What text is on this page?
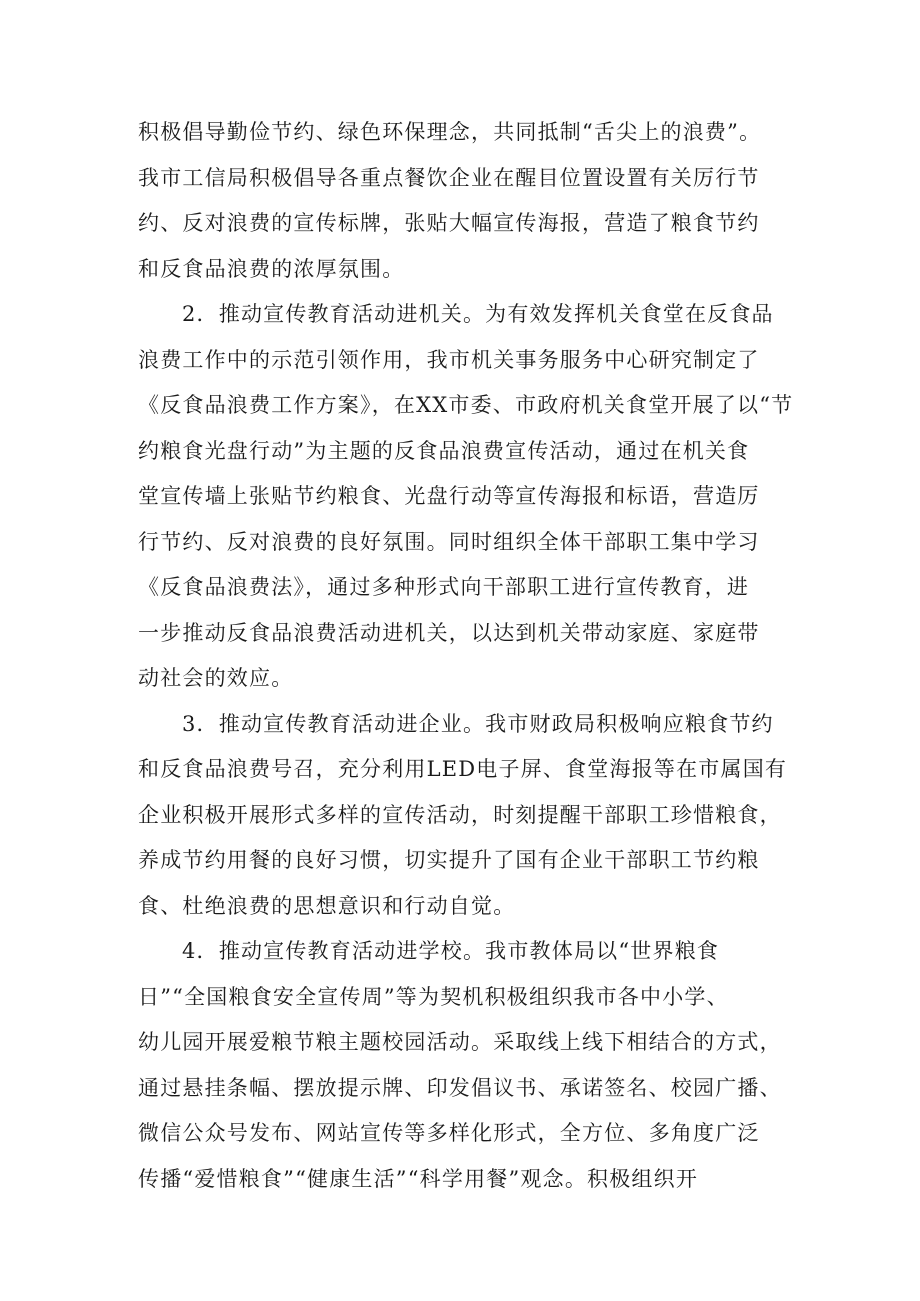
积极倡导勤俭节约、绿色环保理念，共同抵制“舌尖上的浪费”。
我市工信局积极倡导各重点餐饮企业在醒目位置设置有关厉行节
约、反对浪费的宣传标牌，张贴大幅宣传海报，营造了粮食节约
和反食品浪费的浓厚氛围。
2．推动宣传教育活动进机关。为有效发挥机关食堂在反食品
浪费工作中的示范引领作用，我市机关事务服务中心研究制定了
《反食品浪费工作方案》，在XX市委、市政府机关食堂开展了以“节
约粮食光盘行动”为主题的反食品浪费宣传活动，通过在机关食
堂宣传墙上张贴节约粮食、光盘行动等宣传海报和标语，营造厉
行节约、反对浪费的良好氛围。同时组织全体干部职工集中学习
《反食品浪费法》，通过多种形式向干部职工进行宣传教育，进
一步推动反食品浪费活动进机关，以达到机关带动家庭、家庭带
动社会的效应。
3．推动宣传教育活动进企业。我市财政局积极响应粮食节约
和反食品浪费号召，充分利用LED电子屏、食堂海报等在市属国有
企业积极开展形式多样的宣传活动，时刻提醒干部职工珍惜粮食，
养成节约用餐的良好习惯，切实提升了国有企业干部职工节约粮
食、杜绝浪费的思想意识和行动自觉。
4．推动宣传教育活动进学校。我市教体局以“世界粮食
日”“全国粮食安全宣传周”等为契机积极组织我市各中小学、
幼儿园开展爱粮节粮主题校园活动。采取线上线下相结合的方式，
通过悬挂条幅、摆放提示牌、印发倡议书、承诺签名、校园广播、
微信公众号发布、网站宣传等多样化形式，全方位、多角度广泛
传播“爱惜粮食”“健康生活”“科学用餐”观念。积极组织开
